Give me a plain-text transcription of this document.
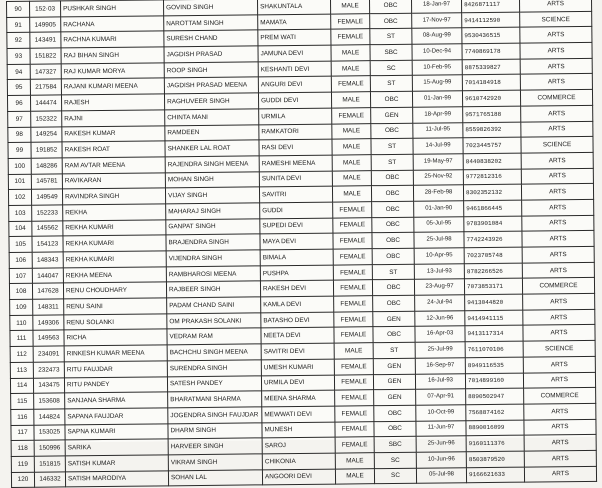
90	152·03	PUSHKAR SINGH	GOVIND SINGH	SHAKUNTALA	MALE	OBC	18-Jan-97	8426871117	ARTS
91	149905	RACHANA	NAROTTAM SINGH	MAMATA	FEMALE	OBC	17-Nov-97	9414112590	SCIENCE
92	143491	RACHNA KUMARI	SURESH CHAND	PREM WATI	FEMALE	ST	08-Aug-99	9530436515	ARTS
93	151822	RAJ BIHAN SINGH	JAGDISH PRASAD	JAMUNA DEVI	MALE	SBC	10-Dec-94	7740869178	ARTS
94	147327	RAJ KUMAR MORYA	ROOP SINGH	KESHANTI DEVI	MALE	SC	10-Feb-95	8875339827	ARTS
95	217584	RAJANI KUMARI MEENA	JAGDISH PRASAD MEENA	ANGURI DEVI	FEMALE	ST	15-Aug-99	7014184918	ARTS
96	144474	RAJESH	RAGHUVEER SINGH	GUDDI DEVI	MALE	OBC	01-Jan-99	9610742920	COMMERCE
97	152322	RAJNI	CHINTA MANI	URMILA	FEMALE	GEN	18-Apr-99	9571765188	ARTS
98	149254	RAKESH KUMAR	RAMDEEN	RAMKATORI	MALE	OBC	11-Jul-95	8559826392	ARTS
99	191852	RAKESH ROAT	SHANKER LAL ROAT	RASI DEVI	MALE	ST	14-Jul-99	7023445757	SCIENCE
100	148286	RAM AVTAR MEENA	RAJENDRA SINGH MEENA	RAMESHI MEENA	MALE	ST	19-May-97	8440838202	ARTS
101	145781	RAVIKARAN	MOHAN SINGH	SUNITA DEVI	MALE	OBC	25-Nov-92	9772812316	ARTS
102	149549	RAVINDRA SINGH	VIJAY SINGH	SAVITRI	MALE	OBC	28-Feb-98	8302352132	ARTS
103	152233	REKHA	MAHARAJ SINGH	GUDDI	FEMALE	OBC	01-Jan-90	9461866445	ARTS
104	145562	REKHA KUMARI	GANPAT SINGH	SUPEDI DEVI	FEMALE	OBC	05-Jul-95	9783901084	ARTS
105	154123	REKHA KUMARI	BRAJENDRA SINGH	MAYA DEVI	FEMALE	OBC	25-Jul-98	7742243926	ARTS
106	148343	REKHA KUMARI	VIJENDRA SINGH	BIMALA	FEMALE	OBC	10-Apr-95	7023705748	ARTS
107	144047	REKHA MEENA	RAMBHAROSI MEENA	PUSHPA	FEMALE	ST	13-Jul-93	8782266526	ARTS
108	147628	RENU CHOUDHARY	RAJBEER SINGH	RAKESH DEVI	FEMALE	OBC	23-Aug-97	7073853171	COMMERCE
109	148311	RENU SAINI	PADAM CHAND SAINI	KAMLA DEVI	FEMALE	OBC	24-Jul-94	9413044820	ARTS
110	149306	RENU SOLANKI	OM PRAKASH SOLANKI	BATASHO DEVI	FEMALE	GEN	12-Jun-96	9414941115	ARTS
111	149563	RICHA	VEDRAM RAM	NEETA DEVI	FEMALE	OBC	16-Apr-03	9413117314	ARTS
112	234091	RINKESH KUMAR MEENA	BACHCHU SINGH MEENA	SAVITRI DEVI	MALE	ST	25-Jul-99	7611070106	SCIENCE
113	232473	RITU FAUJDAR	SURENDRA SINGH	UMESH KUMARI	FEMALE	GEN	16-Sep-97	8949116535	ARTS
114	143475	RITU PANDEY	SATESH PANDEY	URMILA DEVI	FEMALE	GEN	16-Jul-93	7014899160	ARTS
115	153608	SANJANA SHARMA	BHARATMANI SHARMA	MEENA SHARMA	FEMALE	GEN	07-Apr-91	8890502947	COMMERCE
116	144824	SAPANA FAUJDAR	JOGENDRA SINGH FAUJDAR	MEWWATI DEVI	FEMALE	OBC	10-Oct-99	7568874162	ARTS
117	153025	SAPNA KUMARI	DHARM SINGH	MUNESH	FEMALE	OBC	11-Jun-97	8890016099	ARTS
118	150996	SARIKA	HARVEER SINGH	SAROJ	FEMALE	SBC	25-Jun-96	9160111376	ARTS
119	151815	SATISH KUMAR	VIKRAM SINGH	CHIKONIA	MALE	SC	10-Jun-96	8503879520	ARTS
120	146332	SATISH MARODIYA	SOHAN LAL	ANGOORI DEVI	MALE	SC	05-Jul-98	9166621633	ARTS
